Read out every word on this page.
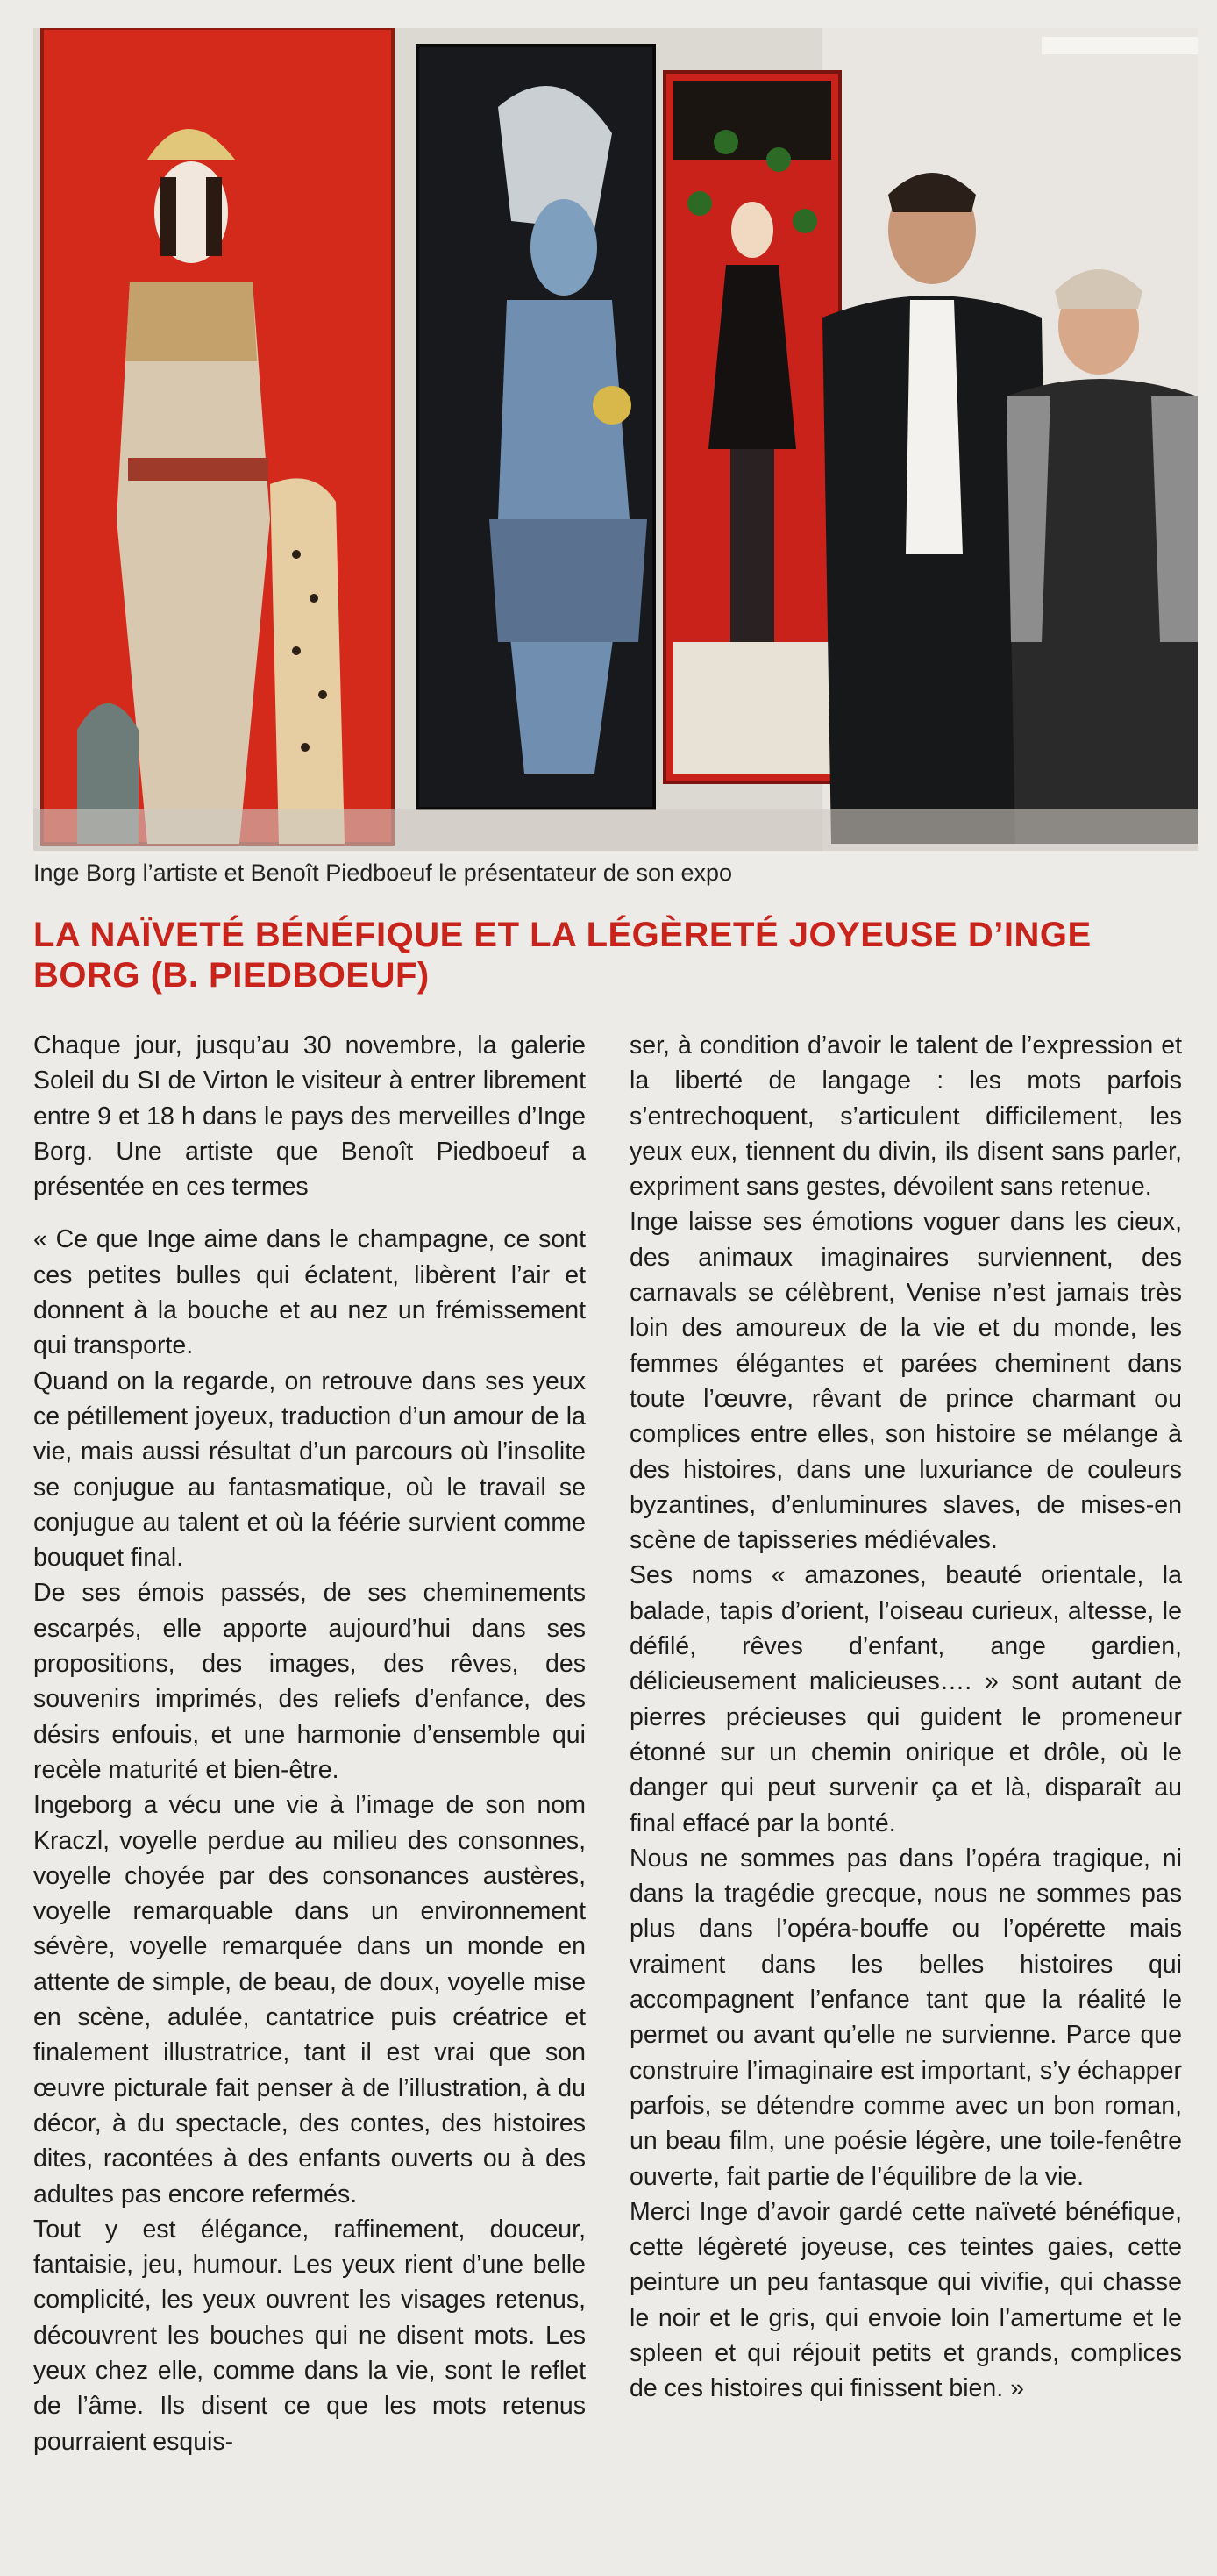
Inge Borg l’artiste et Benoît Piedboeuf le présentateur de son expo
LA NAÏVETÉ BÉNÉFIQUE ET LA LÉGÈRETÉ JOYEUSE D’INGE BORG (B. PIEDBOEUF)

Chaque jour, jusqu’au 30 novembre, la galerie Soleil du SI de Virton le visiteur à entrer librement entre 9 et 18 h dans le pays des merveilles d’Inge Borg. Une artiste que Benoît Piedboeuf a présentée en ces termes

« Ce que Inge aime dans le champagne, ce sont ces petites bulles qui éclatent, libèrent l’air et donnent à la bouche et au nez un frémissement qui transporte.

Quand on la regarde, on retrouve dans ses yeux ce pétillement joyeux, traduction d’un amour de la vie, mais aussi résultat d’un parcours où l’insolite se conjugue au fantasmatique, où le travail se conjugue au talent et où la féérie survient comme bouquet final.

De ses émois passés, de ses cheminements escarpés, elle apporte aujourd’hui dans ses propositions, des images, des rêves, des souvenirs imprimés, des reliefs d’enfance, des désirs enfouis, et une harmonie d’ensemble qui recèle maturité et bien-être.

Ingeborg a vécu une vie à l’image de son nom Kraczl, voyelle perdue au milieu des consonnes, voyelle choyée par des consonances austères, voyelle remarquable dans un environnement sévère, voyelle remarquée dans un monde en attente de simple, de beau, de doux, voyelle mise en scène, adulée, cantatrice puis créatrice et finalement illustratrice, tant il est vrai que son œuvre picturale fait penser à de l’illustration, à du décor, à du spectacle, des contes, des histoires dites, racontées à des enfants ouverts ou à des adultes pas encore refermés.

Tout y est élégance, raffinement, douceur, fantaisie, jeu, humour. Les yeux rient d’une belle complicité, les yeux ouvrent les visages retenus, découvrent les bouches qui ne disent mots. Les yeux chez elle, comme dans la vie, sont le reflet de l’âme. Ils disent ce que les mots retenus pourraient esquis-

ser, à condition d’avoir le talent de l’expression et la liberté de langage : les mots parfois s’entrechoquent, s’articulent difficilement, les yeux eux, tiennent du divin, ils disent sans parler, expriment sans gestes, dévoilent sans retenue.

Inge laisse ses émotions voguer dans les cieux, des animaux imaginaires surviennent, des carnavals se célèbrent, Venise n’est jamais très loin des amoureux de la vie et du monde, les femmes élégantes et parées cheminent dans toute l’œuvre, rêvant de prince charmant ou complices entre elles, son histoire se mélange à des histoires, dans une luxuriance de couleurs byzantines, d’enluminures slaves, de mises-en scène de tapisseries médiévales.

Ses noms « amazones, beauté orientale, la balade, tapis d’orient, l’oiseau curieux, altesse, le défilé, rêves d’enfant, ange gardien, délicieusement malicieuses…. » sont autant de pierres précieuses qui guident le promeneur étonné sur un chemin onirique et drôle, où le danger qui peut survenir ça et là, disparaît au final effacé par la bonté.

Nous ne sommes pas dans l’opéra tragique, ni dans la tragédie grecque, nous ne sommes pas plus dans l’opéra-bouffe ou l’opérette mais vraiment dans les belles histoires qui accompagnent l’enfance tant que la réalité le permet ou avant qu’elle ne survienne. Parce que construire l’imaginaire est important, s’y échapper parfois, se détendre comme avec un bon roman, un beau film, une poésie légère, une toile-fenêtre ouverte, fait partie de l’équilibre de la vie.

Merci Inge d’avoir gardé cette naïveté bénéfique, cette légèreté joyeuse, ces teintes gaies, cette peinture un peu fantasque qui vivifie, qui chasse le noir et le gris, qui envoie loin l’amertume et le spleen et qui réjouit petits et grands, complices de ces histoires qui finissent bien. »
